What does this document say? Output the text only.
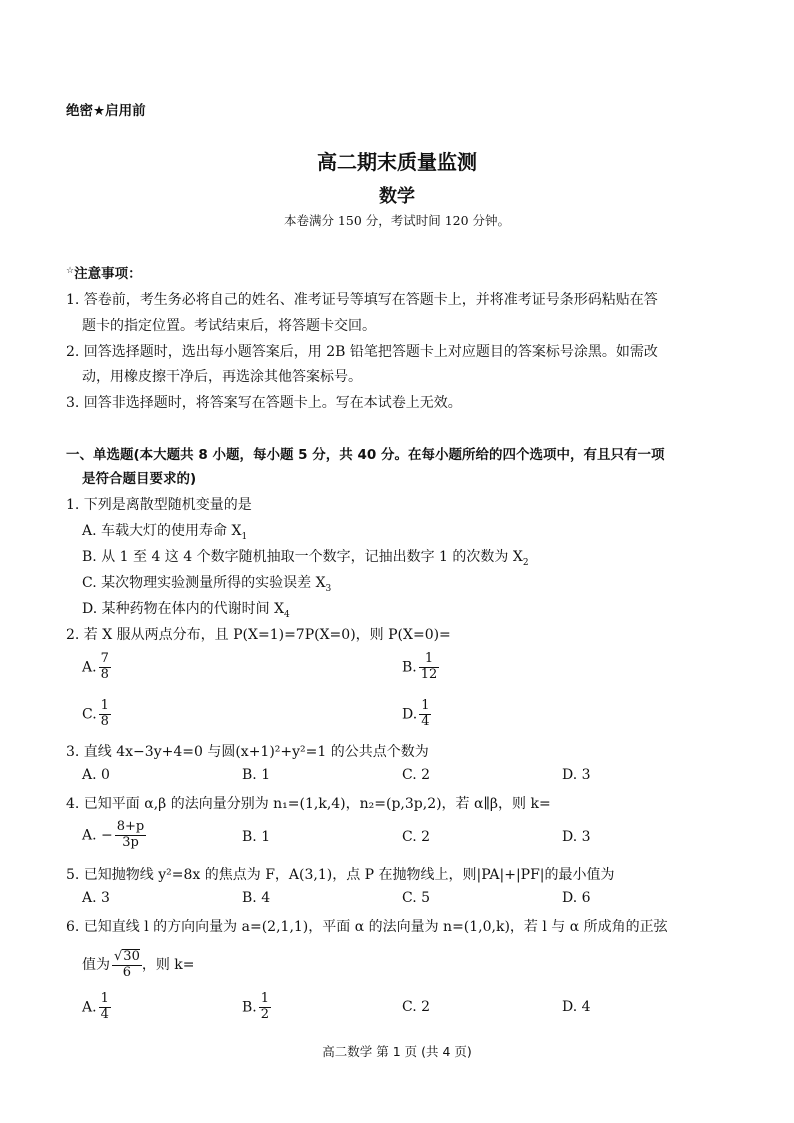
绝密★启用前
高二期末质量监测
数学
本卷满分 150 分，考试时间 120 分钟。
☆注意事项：
1. 答卷前，考生务必将自己的姓名、准考证号等填写在答题卡上，并将准考证号条形码粘贴在答
题卡的指定位置。考试结束后，将答题卡交回。
2. 回答选择题时，选出每小题答案后，用 2B 铅笔把答题卡上对应题目的答案标号涂黑。如需改
动，用橡皮擦干净后，再选涂其他答案标号。
3. 回答非选择题时，将答案写在答题卡上。写在本试卷上无效。
一、单选题(本大题共 8 小题，每小题 5 分，共 40 分。在每小题所给的四个选项中，有且只有一项
是符合题目要求的)
1. 下列是离散型随机变量的是
A. 车载大灯的使用寿命 $X_1$
B. 从 1 至 4 这 4 个数字随机抽取一个数字，记抽出数字 1 的次数为 $X_2$
C. 某次物理实验测量所得的实验误差 $X_3$
D. 某种药物在体内的代谢时间 $X_4$
2. 若 X 服从两点分布，且 P(X=1)=7P(X=0)，则 P(X=0)=
A. $\frac{7}{8}$	B. $\frac{1}{12}$
C. $\frac{1}{8}$	D. $\frac{1}{4}$
3. 直线 4x−3y+4=0 与圆(x+1)²+y²=1 的公共点个数为
A. 0	B. 1	C. 2	D. 3
4. 已知平面 α,β 的法向量分别为 n₁=(1,k,4)，n₂=(p,3p,2)，若 α∥β，则 k=
A. − $\frac{8+p}{3p}$	B. 1	C. 2	D. 3
5. 已知抛物线 y²=8x 的焦点为 F，A(3,1)，点 P 在抛物线上，则|PA|+|PF|的最小值为
A. 3	B. 4	C. 5	D. 6
6. 已知直线 l 的方向向量为 a=(2,1,1)，平面 α 的法向量为 n=(1,0,k)，若 l 与 α 所成角的正弦
值为 $\frac{√30}{6}$ ，则 k=
A. $\frac{1}{4}$	B. $\frac{1}{2}$	C. 2	D. 4
高二数学 第 1 页 (共 4 页)
